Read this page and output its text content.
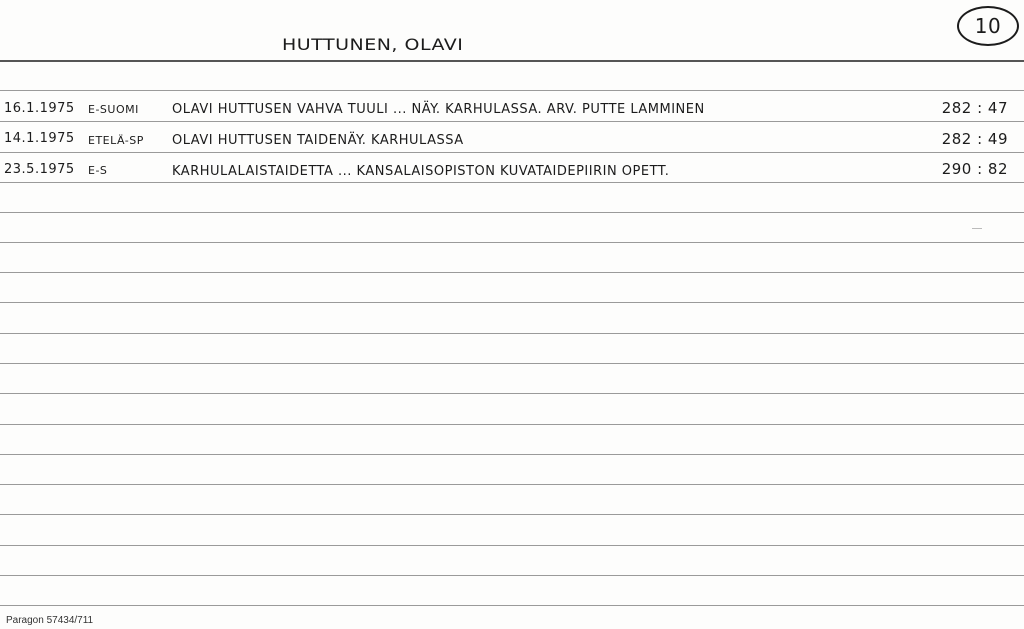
HUTTUNEN, OLAVI
10
16.1.1975 E-SUOMI	OLAVI HUTTUSEN VAHVA TUULI ... NÄY. KARHULASSA. ARV. PUTTE LAMMINEN	282 : 47
14.1.1975 ETELÄ-SP OLAVI HUTTUSEN TAIDENÄY. KARHULASSA	282 : 49
23.5.1975 E-S	KARHULALAISTAIDETTA ... KANSALAISOPISTON KUVATAIDEPIIRIN OPETT.	290 : 82
Paragon 57434/711
